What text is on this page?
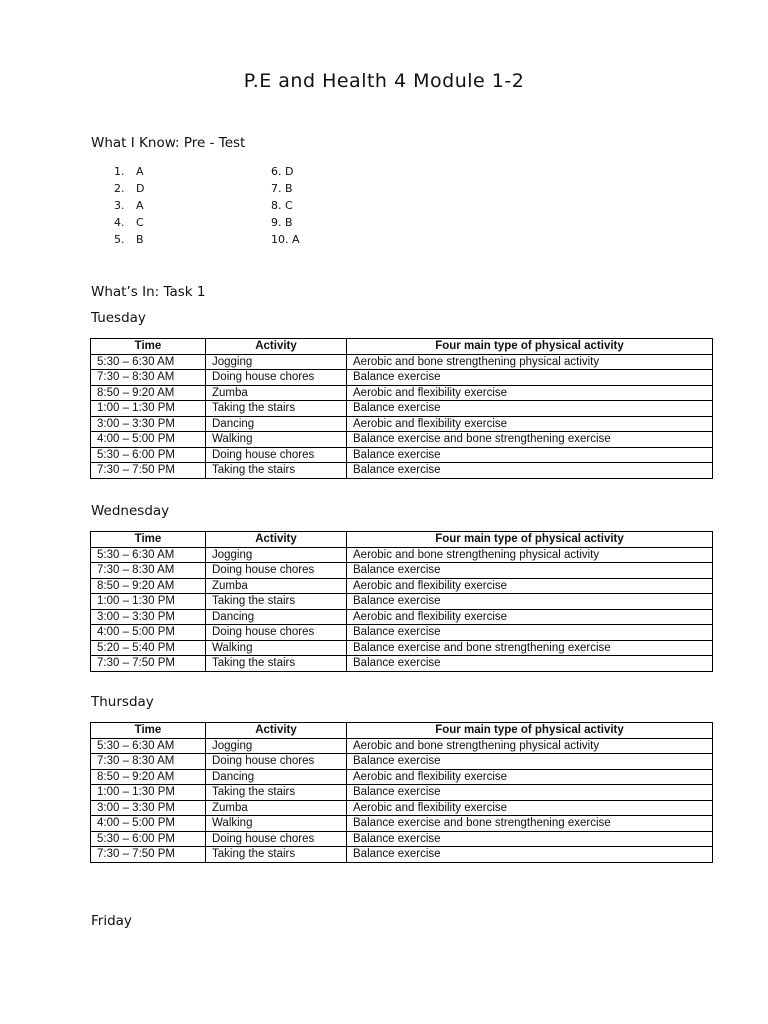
P.E and Health 4 Module 1-2
What I Know: Pre - Test
1. A
2. D
3. A
4. C
5. B
6. D
7. B
8. C
9. B
10. A
What’s In: Task 1
Tuesday
Time	Activity	Four main type of physical activity
5:30 – 6:30 AM	Jogging	Aerobic and bone strengthening physical activity
7:30 – 8:30 AM	Doing house chores	Balance exercise
8:50 – 9:20 AM	Zumba	Aerobic and flexibility exercise
1:00 – 1:30 PM	Taking the stairs	Balance exercise
3:00 – 3:30 PM	Dancing	Aerobic and flexibility exercise
4:00 – 5:00 PM	Walking	Balance exercise and bone strengthening exercise
5:30 – 6:00 PM	Doing house chores	Balance exercise
7:30 – 7:50 PM	Taking the stairs	Balance exercise
Wednesday
Time	Activity	Four main type of physical activity
5:30 – 6:30 AM	Jogging	Aerobic and bone strengthening physical activity
7:30 – 8:30 AM	Doing house chores	Balance exercise
8:50 – 9:20 AM	Zumba	Aerobic and flexibility exercise
1:00 – 1:30 PM	Taking the stairs	Balance exercise
3:00 – 3:30 PM	Dancing	Aerobic and flexibility exercise
4:00 – 5:00 PM	Doing house chores	Balance exercise
5:20 – 5:40 PM	Walking	Balance exercise and bone strengthening exercise
7:30 – 7:50 PM	Taking the stairs	Balance exercise
Thursday
Time	Activity	Four main type of physical activity
5:30 – 6:30 AM	Jogging	Aerobic and bone strengthening physical activity
7:30 – 8:30 AM	Doing house chores	Balance exercise
8:50 – 9:20 AM	Dancing	Aerobic and flexibility exercise
1:00 – 1:30 PM	Taking the stairs	Balance exercise
3:00 – 3:30 PM	Zumba	Aerobic and flexibility exercise
4:00 – 5:00 PM	Walking	Balance exercise and bone strengthening exercise
5:30 – 6:00 PM	Doing house chores	Balance exercise
7:30 – 7:50 PM	Taking the stairs	Balance exercise
Friday
